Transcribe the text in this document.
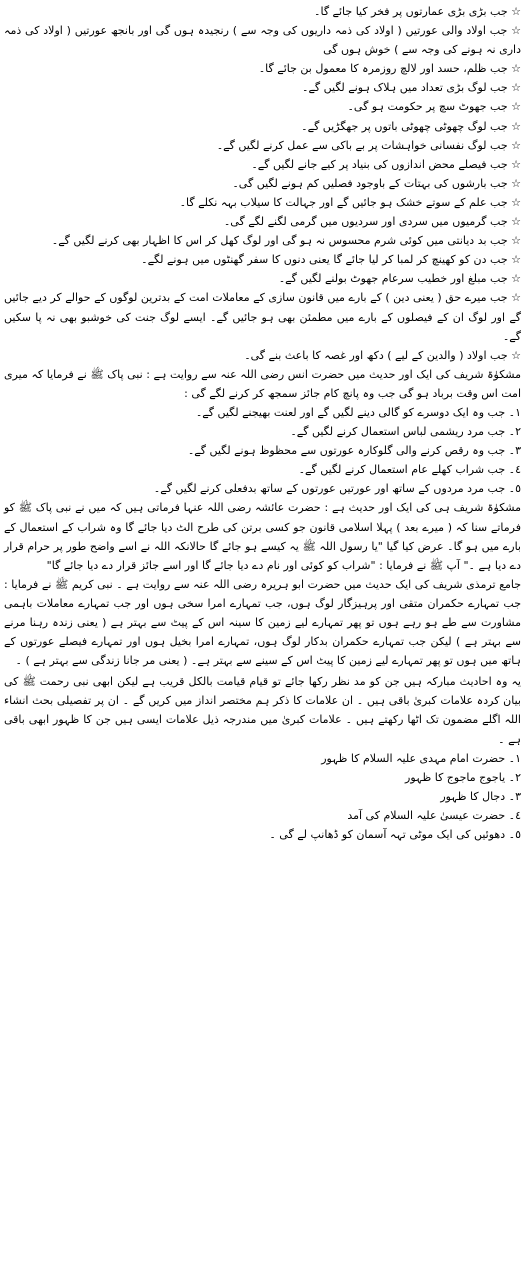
☆ جب بڑی بڑی عمارتوں پر فخر کیا جائے گا۔

☆ جب اولاد والی عورتیں ( اولاد کی ذمہ داریوں کی وجہ سے ) رنجیدہ ہوں گی اور بانجھ عورتیں ( اولاد کی ذمہ داری نہ ہونے کی وجہ سے ) خوش ہوں گی

☆ جب ظلم، حسد اور لالچ روزمرہ کا معمول بن جائے گا۔

☆ جب لوگ بڑی تعداد میں ہلاک ہونے لگیں گے۔

☆ جب جھوٹ سچ پر حکومت ہو گی۔

☆ جب لوگ چھوٹی چھوٹی باتوں پر جھگڑیں گے۔

☆ جب لوگ نفسانی خواہشات پر بے باکی سے عمل کرنے لگیں گے۔

☆ جب فیصلے محض اندازوں کی بنیاد پر کیے جانے لگیں گے۔

☆ جب بارشوں کی بہتات کے باوجود فصلیں کم ہونے لگیں گی۔

☆ جب علم کے سوتے خشک ہو جائیں گے اور جہالت کا سیلاب بہہ نکلے گا۔

☆ جب گرمیوں میں سردی اور سردیوں میں گرمی لگنے لگے گی۔

☆ جب بد دیانتی میں کوئی شرم محسوس نہ ہو گی اور لوگ کھل کر اس کا اظہار بھی کرنے لگیں گے۔

☆ جب دن کو کھینچ کر لمبا کر لیا جائے گا یعنی دنوں کا سفر گھنٹوں میں ہونے لگے۔

☆ جب مبلغ اور خطیب سرعام جھوٹ بولنے لگیں گے۔

☆ جب میرے حق ( یعنی دین ) کے بارے میں قانون سازی کے معاملات امت کے بدترین لوگوں کے حوالے کر دیے جائیں گے اور لوگ ان کے فیصلوں کے بارے میں مطمئن بھی ہو جائیں گے۔ ایسے لوگ جنت کی خوشبو بھی نہ پا سکیں گے۔

☆ جب اولاد ( والدین کے لیے ) دکھ اور غصہ کا باعث بنے گی۔

مشکوٰۃ شریف کی ایک اور حدیث میں حضرت انس رضی اللہ عنہ سے روایت ہے : نبی پاک ﷺ نے فرمایا کہ میری امت اس وقت برباد ہو گی جب وہ پانچ کام جائز سمجھ کر کرنے لگے گی :

١۔ جب وہ ایک دوسرے کو گالی دینے لگیں گے اور لعنت بھیجنے لگیں گے۔

٢۔ جب مرد ریشمی لباس استعمال کرنے لگیں گے۔

٣۔ جب وہ رقص کرنے والی گلوکارہ عورتوں سے محظوظ ہونے لگیں گے۔

٤۔ جب شراب کھلے عام استعمال کرنے لگیں گے۔

٥۔ جب مرد مردوں کے ساتھ اور عورتیں عورتوں کے ساتھ بدفعلی کرنے لگیں گے۔

مشکوٰۃ شریف ہی کی ایک اور حدیث ہے : حضرت عائشہ رضی اللہ عنہا فرماتی ہیں کہ میں نے نبی پاک ﷺ کو فرماتے سنا کہ ( میرے بعد ) پہلا اسلامی قانون جو کسی برتن کی طرح الٹ دیا جائے گا وہ شراب کے استعمال کے بارے میں ہو گا۔ عرض کیا گیا "یا رسول اللہ ﷺ یہ کیسے ہو جائے گا حالانکہ اللہ نے اسے واضح طور پر حرام قرار دے دیا ہے ۔" آپ ﷺ نے فرمایا : "شراب کو کوئی اور نام دے دیا جائے گا اور اسے جائز قرار دے دیا جائے گا"

جامع ترمذی شریف کی ایک حدیث میں حضرت ابو ہریرہ رضی اللہ عنہ سے روایت ہے ۔ نبی کریم ﷺ نے فرمایا : جب تمہارے حکمران متقی اور پرہیزگار لوگ ہوں، جب تمہارے امرا سخی ہوں اور جب تمہارے معاملات باہمی مشاورت سے طے ہو رہے ہوں تو پھر تمہارے لیے زمین کا سینہ اس کے پیٹ سے بہتر ہے ( یعنی زندہ رہنا مرنے سے بہتر ہے ) لیکن جب تمہارے حکمران بدکار لوگ ہوں، تمہارے امرا بخیل ہوں اور تمہارے فیصلے عورتوں کے ہاتھ میں ہوں تو پھر تمہارے لیے زمین کا پیٹ اس کے سینے سے بہتر ہے۔ ( یعنی مر جانا زندگی سے بہتر ہے ) ۔

یہ وہ احادیث مبارکہ ہیں جن کو مد نظر رکھا جائے تو قیام قیامت بالکل قریب ہے لیکن ابھی نبی رحمت ﷺ کی بیان کردہ علامات کبریٰ باقی ہیں ۔ ان علامات کا ذکر ہم مختصر انداز میں کریں گے ۔ ان پر تفصیلی بحث انشاء اللہ اگلے مضمون تک اٹھا رکھتے ہیں ۔ علامات کبریٰ میں مندرجہ ذیل علامات ایسی ہیں جن کا ظہور ابھی باقی ہے ۔

١۔ حضرت امام مہدی علیہ السلام کا ظہور

٢۔ یاجوج ماجوج کا ظہور

٣۔ دجال کا ظہور

٤۔ حضرت عیسیٰ علیہ السلام کی آمد

٥۔ دھوئیں کی ایک موٹی تہہ آسمان کو ڈھانپ لے گی ۔
